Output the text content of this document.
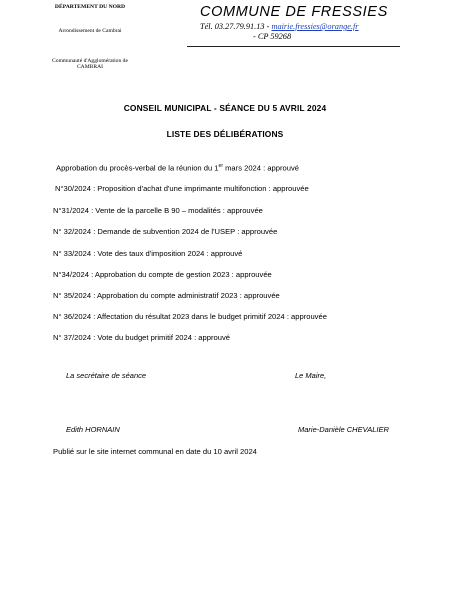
DÉPARTEMENT DU NORD
Arrondissement de Cambrai
Communauté d'Agglomération de CAMBRAI
COMMUNE DE FRESSIES
Tél. 03.27.79.91.13 - mairie.fressies@orange.fr
- CP 59268
CONSEIL MUNICIPAL - SÉANCE DU 5 AVRIL 2024
LISTE DES DÉLIBÉRATIONS
Approbation du procès-verbal de la réunion du 1er mars 2024 : approuvé
N°30/2024 : Proposition d'achat d'une imprimante multifonction : approuvée
N°31/2024 : Vente de la parcelle B 90 – modalités : approuvée
N° 32/2024 : Demande de subvention 2024 de l'USEP : approuvée
N° 33/2024 : Vote des taux d'imposition 2024 : approuvé
N°34/2024 : Approbation du compte de gestion 2023 : approuvée
N° 35/2024 : Approbation du compte administratif 2023 : approuvée
N° 36/2024 : Affectation du résultat 2023 dans le budget primitif 2024 : approuvée
N° 37/2024 : Vote du budget primitif 2024 : approuvé
La secrétaire de séance	Le Maire,
Edith HORNAIN	Marie-Danièle CHEVALIER
Publié sur le site internet communal en date du 10 avril 2024
